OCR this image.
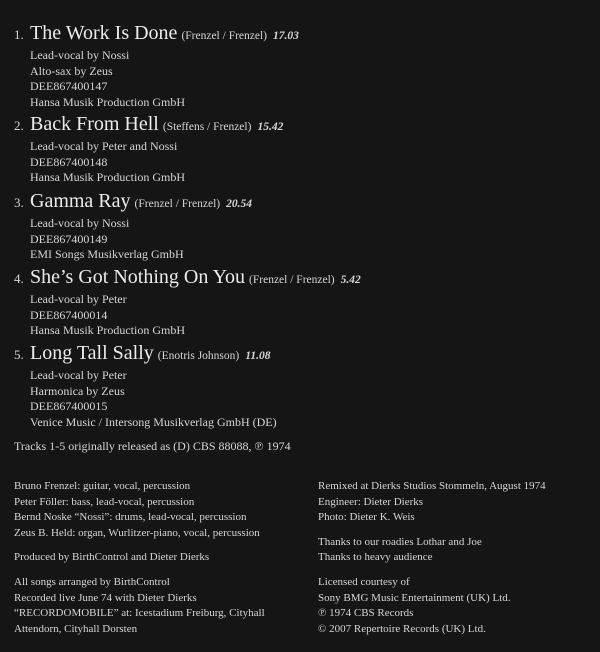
1. The Work Is Done (Frenzel / Frenzel) 17.03
Lead-vocal by Nossi
Alto-sax by Zeus
DEE867400147
Hansa Musik Production GmbH
2. Back From Hell (Steffens / Frenzel) 15.42
Lead-vocal by Peter and Nossi
DEE867400148
Hansa Musik Production GmbH
3. Gamma Ray (Frenzel / Frenzel) 20.54
Lead-vocal by Nossi
DEE867400149
EMI Songs Musikverlag GmbH
4. She’s Got Nothing On You (Frenzel / Frenzel) 5.42
Lead-vocal by Peter
DEE867400014
Hansa Musik Production GmbH
5. Long Tall Sally (Enotris Johnson) 11.08
Lead-vocal by Peter
Harmonica by Zeus
DEE867400015
Venice Music / Intersong Musikverlag GmbH (DE)
Tracks 1-5 originally released as (D) CBS 88088, ℗ 1974
Bruno Frenzel: guitar, vocal, percussion
Peter Föller: bass, lead-vocal, percussion
Bernd Noske “Nossi”: drums, lead-vocal, percussion
Zeus B. Held: organ, Wurlitzer-piano, vocal, percussion
Produced by BirthControl and Dieter Dierks
All songs arranged by BirthControl
Recorded live June 74 with Dieter Dierks
“RECORDOMOBILE” at: Icestadium Freiburg, Cityhall
Attendorn, Cityhall Dorsten
Remixed at Dierks Studios Stommeln, August 1974
Engineer: Dieter Dierks
Photo: Dieter K. Weis
Thanks to our roadies Lothar and Joe
Thanks to heavy audience
Licensed courtesy of
Sony BMG Music Entertainment (UK) Ltd.
℗ 1974 CBS Records
© 2007 Repertoire Records (UK) Ltd.
